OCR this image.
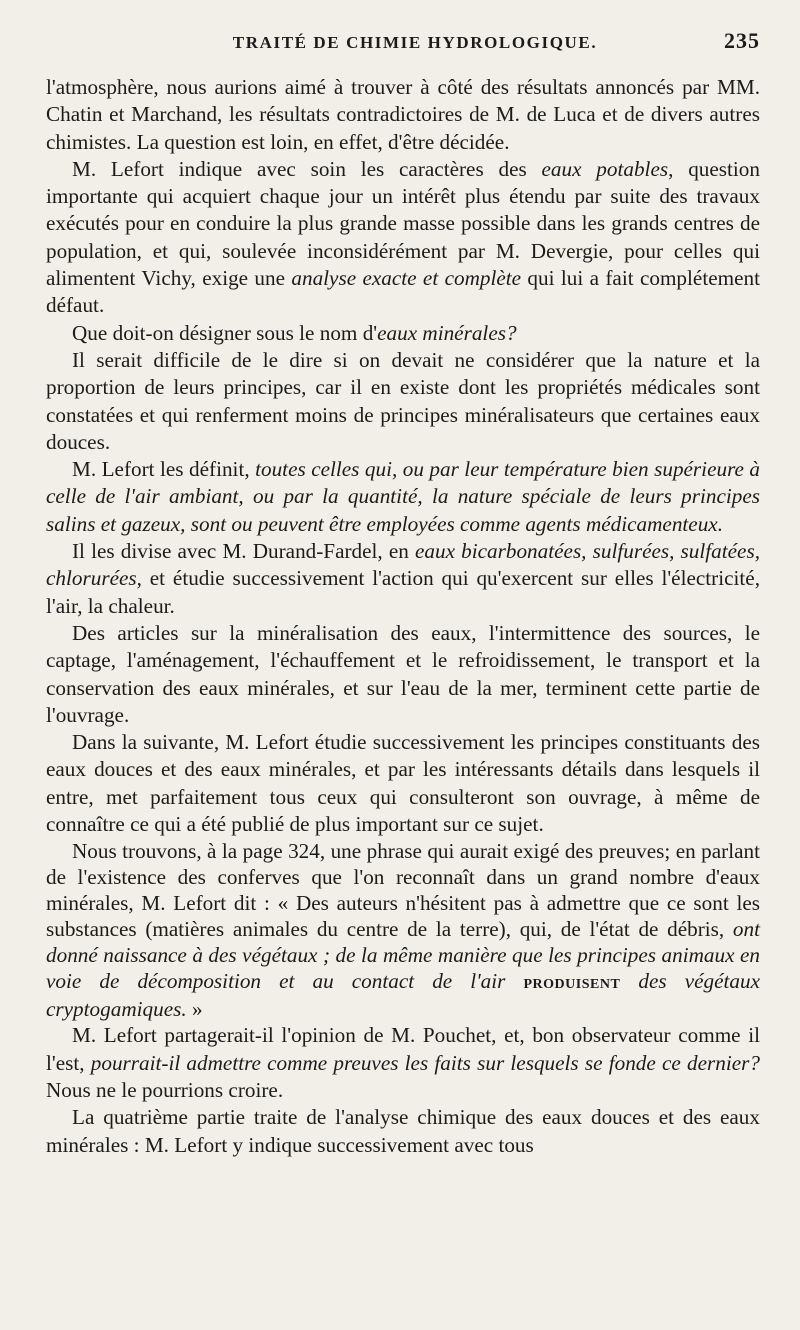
TRAITÉ DE CHIMIE HYDROLOGIQUE.	235

l'atmosphère, nous aurions aimé à trouver à côté des résultats annoncés par MM. Chatin et Marchand, les résultats contradictoires de M. de Luca et de divers autres chimistes. La question est loin, en effet, d'être décidée.

M. Lefort indique avec soin les caractères des eaux potables, question importante qui acquiert chaque jour un intérêt plus étendu par suite des travaux exécutés pour en conduire la plus grande masse possible dans les grands centres de population, et qui, soulevée inconsidérément par M. Devergie, pour celles qui alimentent Vichy, exige une analyse exacte et complète qui lui a fait complétement défaut.

Que doit-on désigner sous le nom d'eaux minérales?

Il serait difficile de le dire si on devait ne considérer que la nature et la proportion de leurs principes, car il en existe dont les propriétés médicales sont constatées et qui renferment moins de principes minéralisateurs que certaines eaux douces.

M. Lefort les définit, toutes celles qui, ou par leur température bien supérieure à celle de l'air ambiant, ou par la quantité, la nature spéciale de leurs principes salins et gazeux, sont ou peuvent être employées comme agents médicamenteux.

Il les divise avec M. Durand-Fardel, en eaux bicarbonatées, sulfurées, sulfatées, chlorurées, et étudie successivement l'action qui qu'exercent sur elles l'électricité, l'air, la chaleur.

Des articles sur la minéralisation des eaux, l'intermittence des sources, le captage, l'aménagement, l'échauffement et le refroidissement, le transport et la conservation des eaux minérales, et sur l'eau de la mer, terminent cette partie de l'ouvrage.

Dans la suivante, M. Lefort étudie successivement les principes constituants des eaux douces et des eaux minérales, et par les intéressants détails dans lesquels il entre, met parfaitement tous ceux qui consulteront son ouvrage, à même de connaître ce qui a été publié de plus important sur ce sujet.

Nous trouvons, à la page 324, une phrase qui aurait exigé des preuves; en parlant de l'existence des conferves que l'on reconnaît dans un grand nombre d'eaux minérales, M. Lefort dit : « Des auteurs n'hésitent pas à admettre que ce sont les substances (matières animales du centre de la terre), qui, de l'état de débris, ont donné naissance à des végétaux ; de la même manière que les principes animaux en voie de décomposition et au contact de l'air produisent des végétaux cryptogamiques. »

M. Lefort partagerait-il l'opinion de M. Pouchet, et, bon observateur comme il l'est, pourrait-il admettre comme preuves les faits sur lesquels se fonde ce dernier? Nous ne le pourrions croire.

La quatrième partie traite de l'analyse chimique des eaux douces et des eaux minérales : M. Lefort y indique successivement avec tous
